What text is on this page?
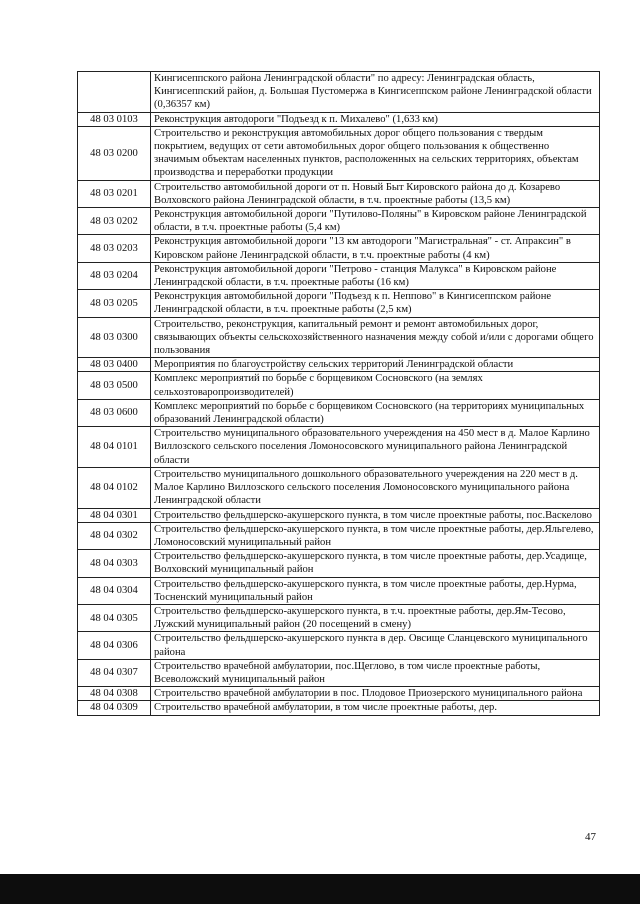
	Кингисеппского района Ленинградской области" по адресу: Ленинградская область, Кингисеппский район, д. Большая Пустомержа в Кингисеппском районе Ленинградской области (0,36357 км)
48 03 0103	Реконструкция автодороги "Подъезд к п. Михалево" (1,633 км)
48 03 0200	Строительство и реконструкция автомобильных дорог общего пользования с твердым покрытием, ведущих от сети автомобильных дорог общего пользования к общественно значимым объектам населенных пунктов, расположенных на сельских территориях, объектам производства и переработки продукции
48 03 0201	Строительство автомобильной дороги от п. Новый Быт Кировского района до д. Козарево Волховского района Ленинградской области, в т.ч. проектные работы (13,5 км)
48 03 0202	Реконструкция автомобильной дороги "Путилово-Поляны" в Кировском районе Ленинградской области, в т.ч. проектные работы (5,4 км)
48 03 0203	Реконструкция автомобильной дороги "13 км автодороги "Магистральная" - ст. Апраксин" в Кировском районе Ленинградской области, в т.ч. проектные работы (4 км)
48 03 0204	Реконструкция автомобильной дороги "Петрово - станция Малукса" в Кировском районе Ленинградской области, в т.ч. проектные работы (16 км)
48 03 0205	Реконструкция автомобильной дороги "Подъезд к п. Неппово" в Кингисеппском районе Ленинградской области, в т.ч. проектные работы (2,5 км)
48 03 0300	Строительство, реконструкция, капитальный ремонт и ремонт автомобильных дорог, связывающих объекты сельскохозяйственного назначения между собой и/или с дорогами общего пользования
48 03 0400	Мероприятия по благоустройству сельских территорий Ленинградской области
48 03 0500	Комплекс мероприятий по борьбе с борщевиком Сосновского (на землях сельхозтоваропроизводителей)
48 03 0600	Комплекс мероприятий по борьбе с борщевиком Сосновского (на территориях муниципальных образований Ленинградской области)
48 04 0101	Строительство муниципального образовательного учереждения на 450 мест в д. Малое Карлино Виллозского сельского поселения Ломоносовского муниципального района Ленинградской области
48 04 0102	Строительство муниципального дошкольного образовательного учереждения на 220 мест в д. Малое Карлино Виллозского сельского поселения Ломоносовского муниципального района Ленинградской области
48 04 0301	Строительство фельдшерско-акушерского пункта, в том числе проектные работы, пос.Васкелово
48 04 0302	Строительство фельдшерско-акушерского пункта, в том числе проектные работы, дер.Яльгелево, Ломоносовский муниципальный район
48 04 0303	Строительство фельдшерско-акушерского пункта, в том числе проектные работы, дер.Усадище, Волховский муниципальный район
48 04 0304	Строительство фельдшерско-акушерского пункта, в том числе проектные работы, дер.Нурма, Тосненский муниципальный район
48 04 0305	Строительство фельдшерско-акушерского пункта, в т.ч. проектные работы, дер.Ям-Тесово, Лужский муниципальный район (20 посещений в смену)
48 04 0306	Строительство фельдшерско-акушерского пункта в дер. Овсище Сланцевского муниципального района
48 04 0307	Строительство врачебной амбулатории, пос.Щеглово, в том числе проектные работы, Всеволожский муниципальный район
48 04 0308	Строительство врачебной амбулатории в пос. Плодовое Приозерского муниципального района
48 04 0309	Строительство врачебной амбулатории, в том числе проектные работы, дер.
47
